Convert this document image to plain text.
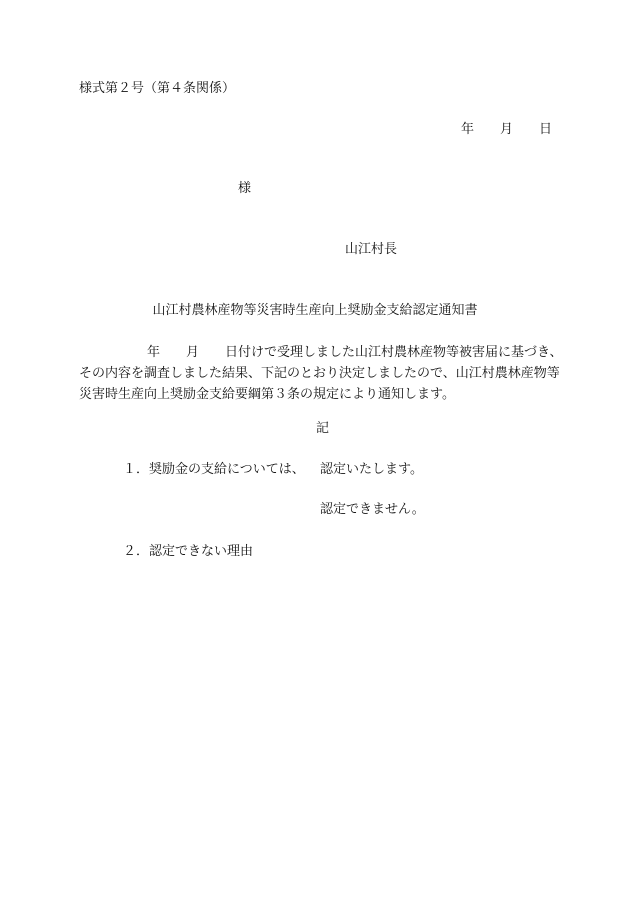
様式第２号（第４条関係）
年 月 日
様
山江村長
山江村農林産物等災害時生産向上奨励金支給認定通知書
年 月 日付けで受理しました山江村農林産物等被害届に基づき、
その内容を調査しました結果、下記のとおり決定しましたので、山江村農林産物等
災害時生産向上奨励金支給要綱第３条の規定により通知します。
記
１．奨励金の支給については、 認定いたします。
認定できません。
２．認定できない理由
